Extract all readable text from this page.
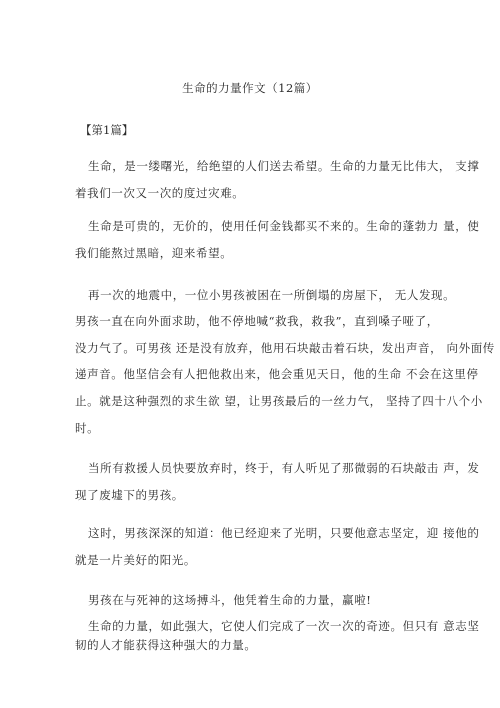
生命的力量作文（12篇）
【第1篇】
生命，是一缕曙光，给绝望的人们送去希望。生命的力量无比伟大， 支撑
着我们一次又一次的度过灾难。
生命是可贵的，无价的，使用任何金钱都买不来的。生命的蓬勃力 量，使
我们能熬过黑暗，迎来希望。
再一次的地震中，一位小男孩被困在一所倒塌的房屋下， 无人发现。
男孩一直在向外面求助，他不停地喊“救我，救我”，直到嗓子哑了，
没力气了。可男孩 还是没有放弃，他用石块敲击着石块，发出声音， 向外面传
递声音。他坚信会有人把他救出来，他会重见天日，他的生命 不会在这里停
止。就是这种强烈的求生欲 望，让男孩最后的一丝力气， 坚持了四十八个小
时。
当所有救援人员快要放弃时，终于，有人听见了那微弱的石块敲击 声，发
现了废墟下的男孩。
这时，男孩深深的知道：他已经迎来了光明，只要他意志坚定，迎 接他的
就是一片美好的阳光。
男孩在与死神的这场搏斗，他凭着生命的力量，赢啦!
生命的力量，如此强大，它使人们完成了一次一次的奇迹。但只有 意志坚
韧的人才能获得这种强大的力量。
